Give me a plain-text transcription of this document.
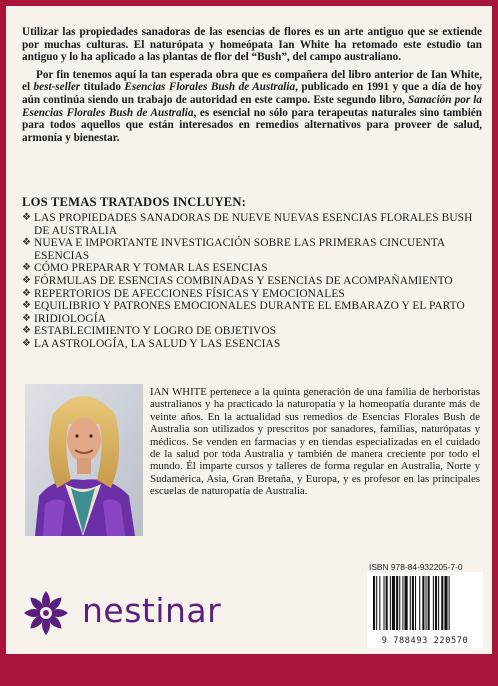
Utilizar las propiedades sanadoras de las esencias de flores es un arte antiguo que se extiende por muchas culturas. El naturópata y homeópata Ian White ha retomado este estudio tan antiguo y lo ha aplicado a las plantas de flor del “Bush”, del campo australiano.

Por fin tenemos aquí la tan esperada obra que es compañera del libro anterior de Ian White, el best-seller titulado Esencias Florales Bush de Australia, publicado en 1991 y que a día de hoy aún continúa siendo un trabajo de autoridad en este campo. Este segundo libro, Sanación por la Esencias Florales Bush de Australia, es esencial no sólo para terapeutas naturales sino también para todos aquellos que están interesados en remedios alternativos para proveer de salud, armonía y bienestar.

LOS TEMAS TRATADOS INCLUYEN:
❖ LAS PROPIEDADES SANADORAS DE NUEVE NUEVAS ESENCIAS FLORALES BUSH DE AUSTRALIA
❖ NUEVA E IMPORTANTE INVESTIGACIÓN SOBRE LAS PRIMERAS CINCUENTA ESENCIAS
❖ CÓMO PREPARAR Y TOMAR LAS ESENCIAS
❖ FÓRMULAS DE ESENCIAS COMBINADAS Y ESENCIAS DE ACOMPAÑAMIENTO
❖ REPERTORIOS DE AFECCIONES FÍSICAS Y EMOCIONALES
❖ EQUILIBRIO Y PATRONES EMOCIONALES DURANTE EL EMBARAZO Y EL PARTO
❖ IRIDIOLOGÍA
❖ ESTABLECIMIENTO Y LOGRO DE OBJETIVOS
❖ LA ASTROLOGÍA, LA SALUD Y LAS ESENCIAS
IAN WHITE pertenece a la quinta generación de una familia de herboristas australianos y ha practicado la naturopatía y la homeopatía durante más de veinte años. En la actualidad sus remedios de Esencias Florales Bush de Australia son utilizados y prescritos por sanadores, familias, naturópatas y médicos. Se venden en farmacias y en tiendas especializadas en el cuidado de la salud por toda Australia y también de manera creciente por todo el mundo. Él imparte cursos y talleres de forma regular en Australia, Norte y Sudamérica, Asia, Gran Bretaña, y Europa, y es profesor en las principales escuelas de naturopatía de Australia.
nestinar
ISBN 978-84-932205-7-0
9 788493 220570
